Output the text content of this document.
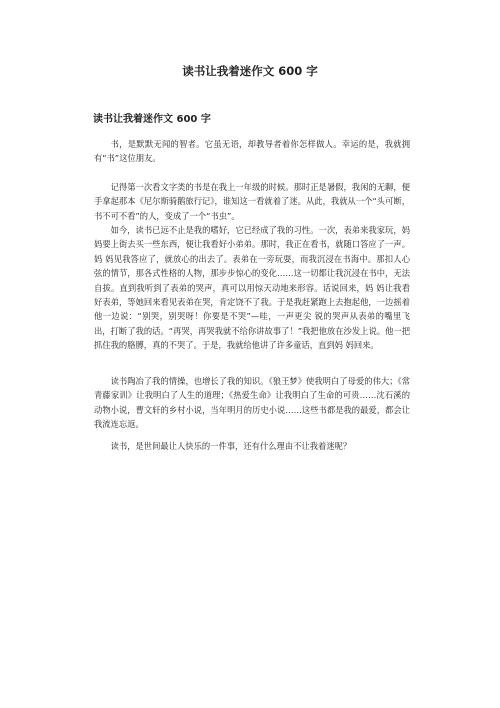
读书让我着迷作文 600 字
读书让我着迷作文 600 字

书，是默默无闻的智者。它虽无语，却教导者着你怎样做人。幸运的是，我就拥有“书”这位朋友。

记得第一次看文字类的书是在我上一年级的时候。那时正是暑假，我闲的无聊，便手拿起那本《尼尔斯骑鹅旅行记》，谁知这一看就着了迷。从此，我就从一个“头可断，书不可不看”的人，变成了一个“书虫”。

如今，读书已远不止是我的嗜好，它已经成了我的习性。一次，表弟来我家玩，妈 妈要上街去买一些东西，便让我看好小弟弟。那时，我正在看书，就随口答应了一声。妈 妈见我答应了，就放心的出去了。表弟在一旁玩耍，而我沉浸在书海中。那扣人心弦的情节，那各式性格的人物，那步步惊心的变化……这一切都让我沉浸在书中，无法自拔。直到我听到了表弟的哭声，真可以用惊天动地来形容。话说回来，妈 妈让我看好表弟，等她回来看见表弟在哭，肯定饶不了我。于是我赶紧跑上去抱起他，一边摇着他一边说：“别哭，别哭呀！你要是不哭”—哇，一声更尖 锐的哭声从表弟的嘴里飞出，打断了我的话。“再哭，再哭我就不给你讲故事了！”我把他放在沙发上说。他一把抓住我的胳膊，真的不哭了。于是，我就给他讲了许多童话，直到妈 妈回来。

读书陶冶了我的情操，也增长了我的知识。《狼王梦》使我明白了母爱的伟大；《常青藤家训》让我明白了人生的道理；《热爱生命》让我明白了生命的可贵……沈石溪的动物小说，曹文轩的乡村小说，当年明月的历史小说……这些书都是我的最爱，都会让我流连忘返。

读书，是世间最让人快乐的一件事，还有什么理由不让我着迷呢？
